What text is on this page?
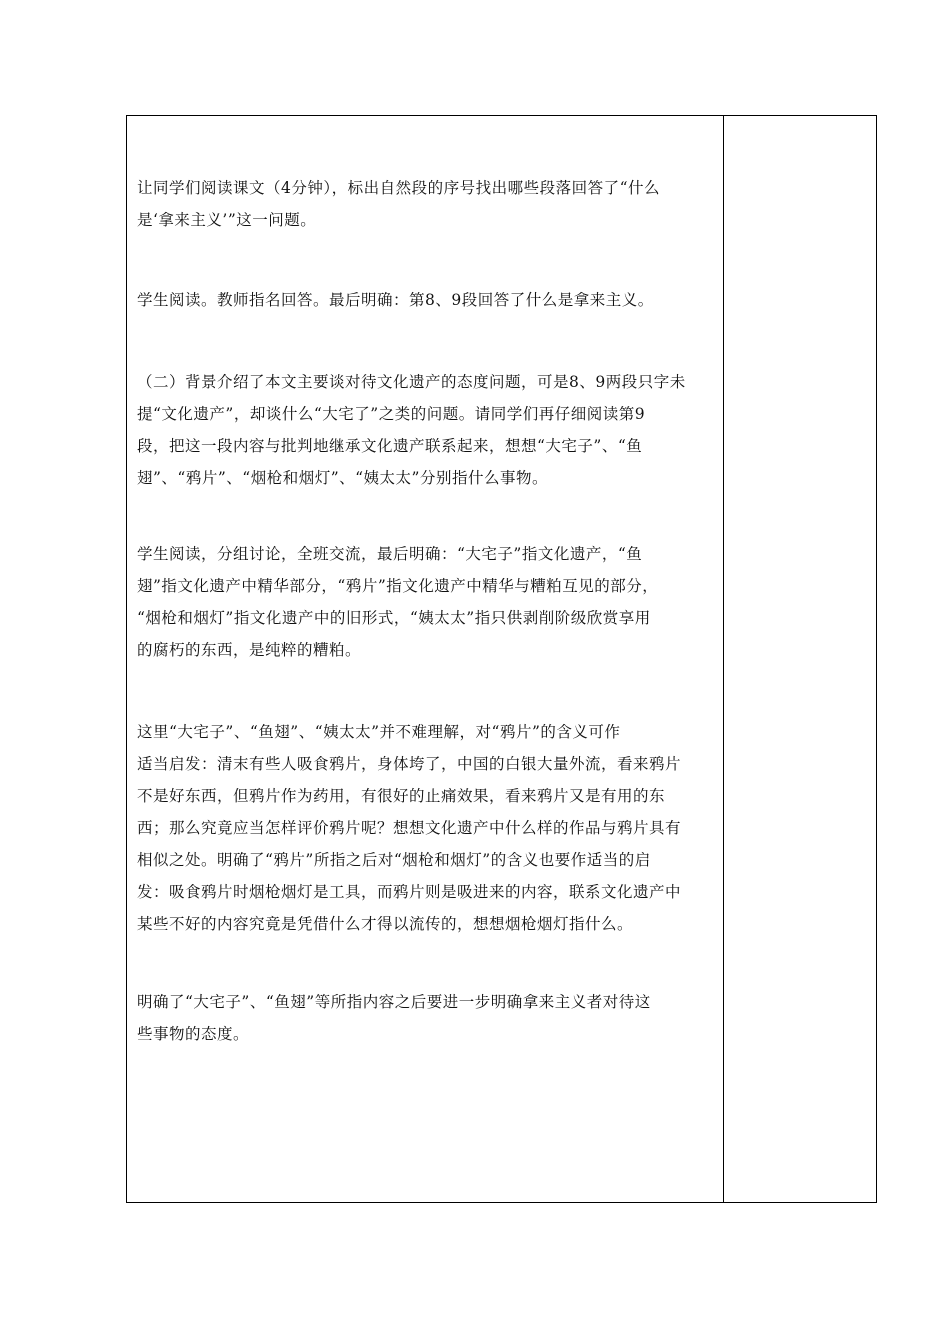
让同学们阅读课文（4分钟），标出自然段的序号找出哪些段落回答了“什么
是‘拿来主义’”这一问题。

学生阅读。教师指名回答。最后明确：第8、9段回答了什么是拿来主义。

（二）背景介绍了本文主要谈对待文化遗产的态度问题，可是8、9两段只字未
提“文化遗产”，却谈什么“大宅了”之类的问题。请同学们再仔细阅读第9
段，把这一段内容与批判地继承文化遗产联系起来，想想“大宅子”、“鱼
翅”、“鸦片”、“烟枪和烟灯”、“姨太太”分别指什么事物。

学生阅读，分组讨论，全班交流，最后明确：“大宅子”指文化遗产，“鱼
翅”指文化遗产中精华部分，“鸦片”指文化遗产中精华与糟粕互见的部分，
“烟枪和烟灯”指文化遗产中的旧形式，“姨太太”指只供剥削阶级欣赏享用
的腐朽的东西，是纯粹的糟粕。

这里“大宅子”、“鱼翅”、“姨太太”并不难理解，对“鸦片”的含义可作
适当启发：清末有些人吸食鸦片，身体垮了，中国的白银大量外流，看来鸦片
不是好东西，但鸦片作为药用，有很好的止痛效果，看来鸦片又是有用的东
西；那么究竟应当怎样评价鸦片呢？想想文化遗产中什么样的作品与鸦片具有
相似之处。明确了“鸦片”所指之后对“烟枪和烟灯”的含义也要作适当的启
发：吸食鸦片时烟枪烟灯是工具，而鸦片则是吸进来的内容，联系文化遗产中
某些不好的内容究竟是凭借什么才得以流传的，想想烟枪烟灯指什么。

明确了“大宅子”、“鱼翅”等所指内容之后要进一步明确拿来主义者对待这
些事物的态度。
